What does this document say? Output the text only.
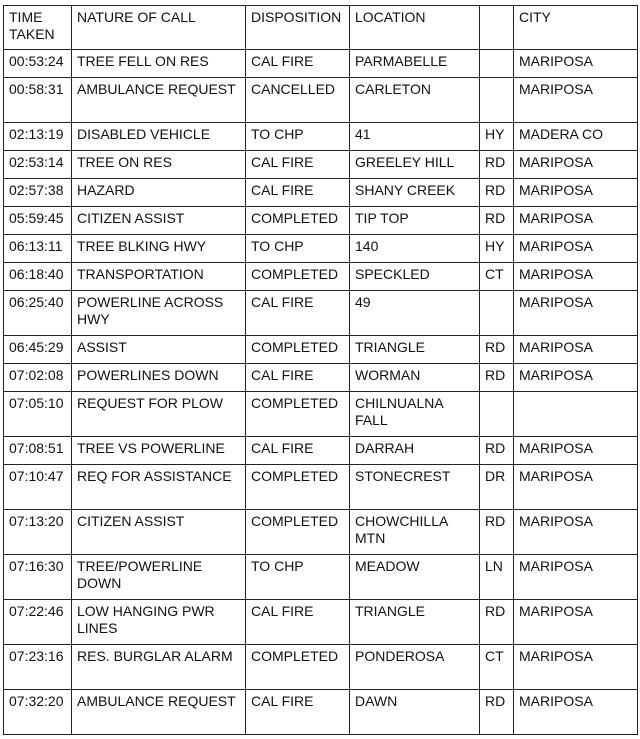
TIME TAKEN	NATURE OF CALL	DISPOSITION	LOCATION		CITY
00:53:24	TREE FELL ON RES	CAL FIRE	PARMABELLE		MARIPOSA
00:58:31	AMBULANCE REQUEST	CANCELLED	CARLETON		MARIPOSA
02:13:19	DISABLED VEHICLE	TO CHP	41	HY	MADERA CO
02:53:14	TREE ON RES	CAL FIRE	GREELEY HILL	RD	MARIPOSA
02:57:38	HAZARD	CAL FIRE	SHANY CREEK	RD	MARIPOSA
05:59:45	CITIZEN ASSIST	COMPLETED	TIP TOP	RD	MARIPOSA
06:13:11	TREE BLKING HWY	TO CHP	140	HY	MARIPOSA
06:18:40	TRANSPORTATION	COMPLETED	SPECKLED	CT	MARIPOSA
06:25:40	POWERLINE ACROSS HWY	CAL FIRE	49		MARIPOSA
06:45:29	ASSIST	COMPLETED	TRIANGLE	RD	MARIPOSA
07:02:08	POWERLINES DOWN	CAL FIRE	WORMAN	RD	MARIPOSA
07:05:10	REQUEST FOR PLOW	COMPLETED	CHILNUALNA FALL		
07:08:51	TREE VS POWERLINE	CAL FIRE	DARRAH	RD	MARIPOSA
07:10:47	REQ FOR ASSISTANCE	COMPLETED	STONECREST	DR	MARIPOSA
07:13:20	CITIZEN ASSIST	COMPLETED	CHOWCHILLA MTN	RD	MARIPOSA
07:16:30	TREE/POWERLINE DOWN	TO CHP	MEADOW	LN	MARIPOSA
07:22:46	LOW HANGING PWR LINES	CAL FIRE	TRIANGLE	RD	MARIPOSA
07:23:16	RES. BURGLAR ALARM	COMPLETED	PONDEROSA	CT	MARIPOSA
07:32:20	AMBULANCE REQUEST	CAL FIRE	DAWN	RD	MARIPOSA
